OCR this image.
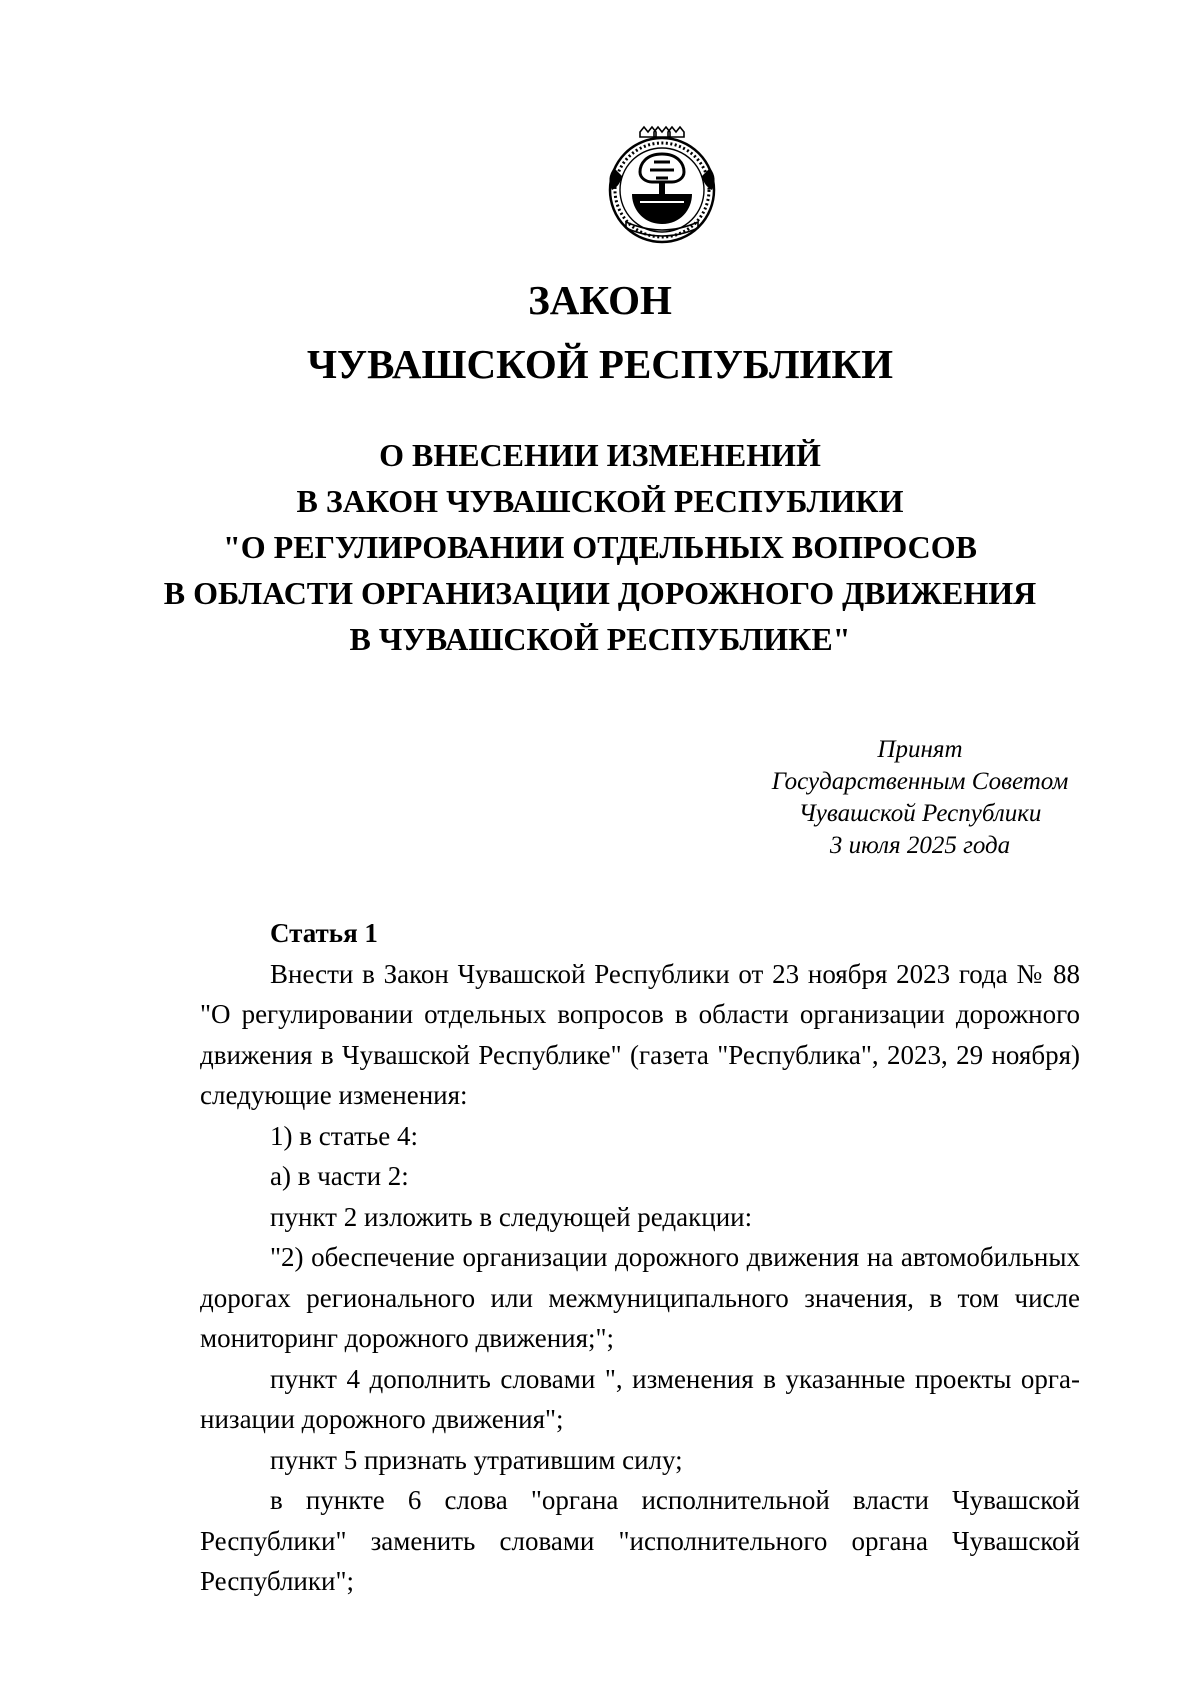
ЗАКОН
ЧУВАШСКОЙ РЕСПУБЛИКИ
О ВНЕСЕНИИ ИЗМЕНЕНИЙ
В ЗАКОН ЧУВАШСКОЙ РЕСПУБЛИКИ
"О РЕГУЛИРОВАНИИ ОТДЕЛЬНЫХ ВОПРОСОВ
В ОБЛАСТИ ОРГАНИЗАЦИИ ДОРОЖНОГО ДВИЖЕНИЯ
В ЧУВАШСКОЙ РЕСПУБЛИКЕ"
Принят
Государственным Советом
Чувашской Республики
3 июля 2025 года
Статья 1
Внести в Закон Чувашской Республики от 23 ноября 2023 года № 88 "О регулировании отдельных вопросов в области организации дорожного движения в Чувашской Республике" (газета "Республика", 2023, 29 ноября) следующие изменения:
1) в статье 4:
а) в части 2:
пункт 2 изложить в следующей редакции:
"2) обеспечение организации дорожного движения на автомобильных дорогах регионального или межмуниципального значения, в том числе мониторинг дорожного движения;";
пункт 4 дополнить словами ", изменения в указанные проекты организации дорожного движения";
пункт 5 признать утратившим силу;
в пункте 6 слова "органа исполнительной власти Чувашской Республики" заменить словами "исполнительного органа Чувашской Республики";
